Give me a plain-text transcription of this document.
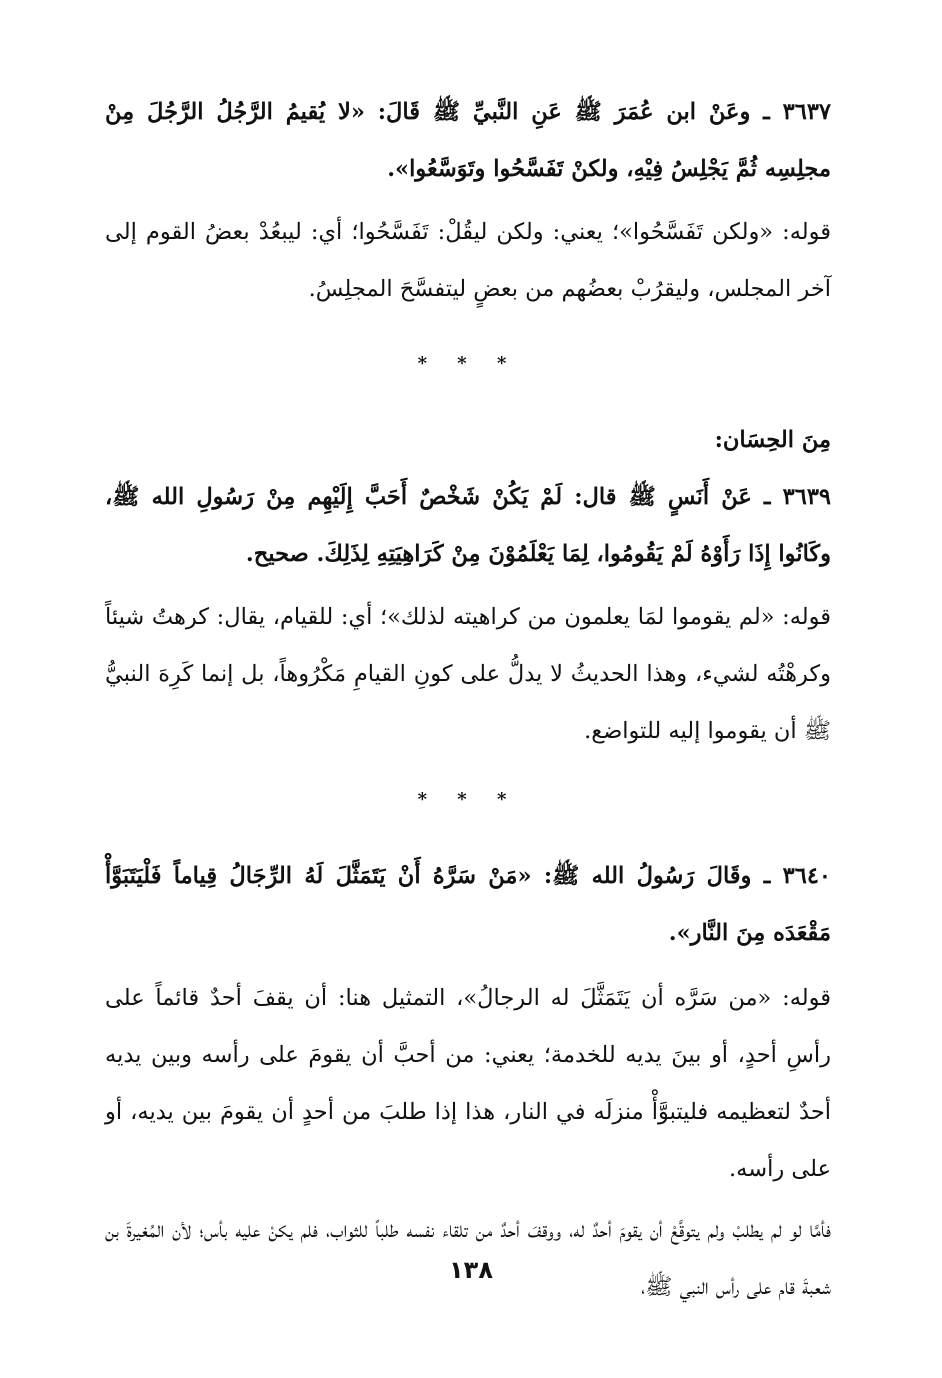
٣٦٣٧ ـ وعَنْ ابن عُمَرَ ﷺ عَنِ النَّبيِّ ﷺ قَالَ: «لا يُقيمُ الرَّجُلُ الرَّجُلَ مِنْ مجلِسِه ثُمَّ يَجْلِسُ فِيْهِ، ولكنْ تَفَسَّحُوا وتَوَسَّعُوا».

قوله: «ولكن تَفَسَّحُوا»؛ يعني: ولكن ليقُلْ: تَفَسَّحُوا؛ أي: ليبعُدْ بعضُ القوم إلى آخر المجلس، وليقرُبْ بعضُهم من بعضٍ ليتفسَّحَ المجلِسُ.

* * *

مِنَ الحِسَان:

٣٦٣٩ ـ عَنْ أَنَسٍ ﷺ قال: لَمْ يَكُنْ شَخْصٌ أَحَبَّ إِلَيْهِم مِنْ رَسُولِ الله ﷺ، وكَانُوا إِذَا رَأَوْهُ لَمْ يَقُومُوا، لِمَا يَعْلَمُوْنَ مِنْ كَرَاهِيَتِهِ لِذَلِكَ. صحيح.

قوله: «لم يقوموا لمَا يعلمون من كراهيته لذلك»؛ أي: للقيام، يقال: كرهتُ شيئاً وكرهْتُه لشيء، وهذا الحديثُ لا يدلُّ على كونِ القيامِ مَكْرُوهاً، بل إنما كَرِهَ النبيُّ ﷺ أن يقوموا إليه للتواضع.

* * *

٣٦٤٠ ـ وقَالَ رَسُولُ الله ﷺ: «مَنْ سَرَّهُ أَنْ يَتَمَثَّلَ لَهُ الرِّجَالُ قِياماً فَلْيَتَبَوَّأْ مَقْعَدَه مِنَ النَّار».

قوله: «من سَرَّه أن يَتَمَثَّلَ له الرجالُ»، التمثيل هنا: أن يقفَ أحدٌ قائماً على رأسِ أحدٍ، أو بينَ يديه للخدمة؛ يعني: من أحبَّ أن يقومَ على رأسه وبين يديه أحدٌ لتعظيمه فليتبوَّأْ منزلَه في النار، هذا إذا طلبَ من أحدٍ أن يقومَ بين يديه، أو على رأسه.

فأمَّا لو لم يطلبْ ولم يتوقَّعْ أن يقومَ أحدٌ له، ووقفَ أحدٌ من تلقاء نفسه طلباً للثواب، فلم يكنْ عليه بأس؛ لأن المُغيرةَ بن شعبةَ قام على رأس النبي ﷺ،

١٣٨
